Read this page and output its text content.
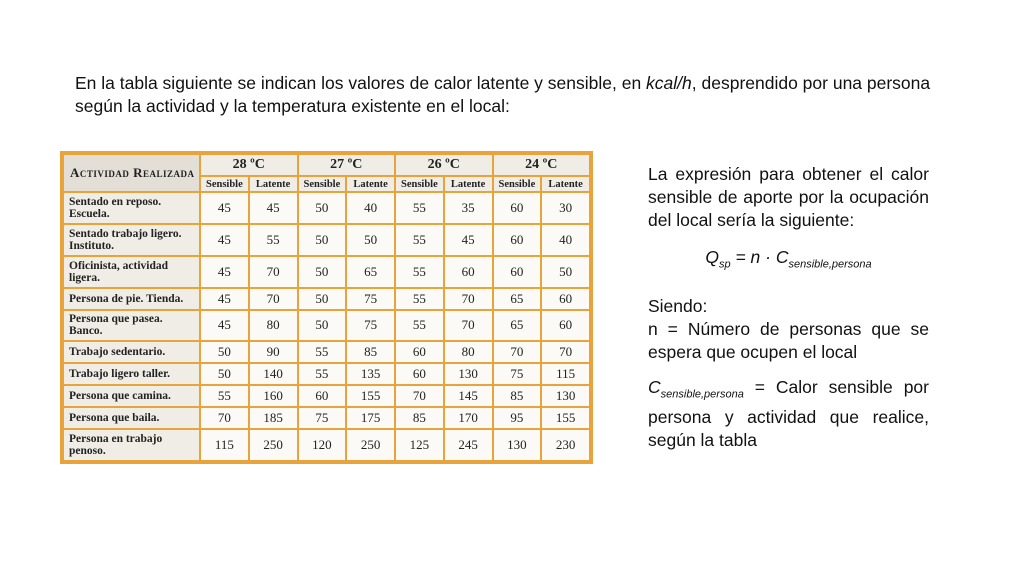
En la tabla siguiente se indican los valores de calor latente y sensible, en kcal/h, desprendido por una persona según la actividad y la temperatura existente en el local:
Actividad Realizada	28 ºC		27 ºC		26 ºC		24 ºC	
	Sensible	Latente	Sensible	Latente	Sensible	Latente	Sensible	Latente

Sentado en reposo.
Escuela.	45	45	50	40	55	35	60	30

Sentado trabajo ligero.
Instituto.	45	55	50	50	55	45	60	40

Oficinista, actividad
ligera.	45	70	50	65	55	60	60	50

Persona de pie. Tienda.	45	70	50	75	55	70	65	60

Persona que pasea.
Banco.	45	80	50	75	55	70	65	60

Trabajo sedentario.	50	90	55	85	60	80	70	70

Trabajo ligero taller.	50	140	55	135	60	130	75	115

Persona que camina.	55	160	60	155	70	145	85	130

Persona que baila.	70	185	75	175	85	170	95	155

Persona en trabajo
penoso.	115	250	120	250	125	245	130	230

La expresión para obtener el calor sensible de aporte por la ocupación del local sería la siguiente:

$Q_{sp} = n \cdot C_{sensible,persona}$

Siendo:

n = Número de personas que se espera que ocupen el local

$C_{sensible,persona}$ = Calor sensible por persona y actividad que realice, según la tabla
